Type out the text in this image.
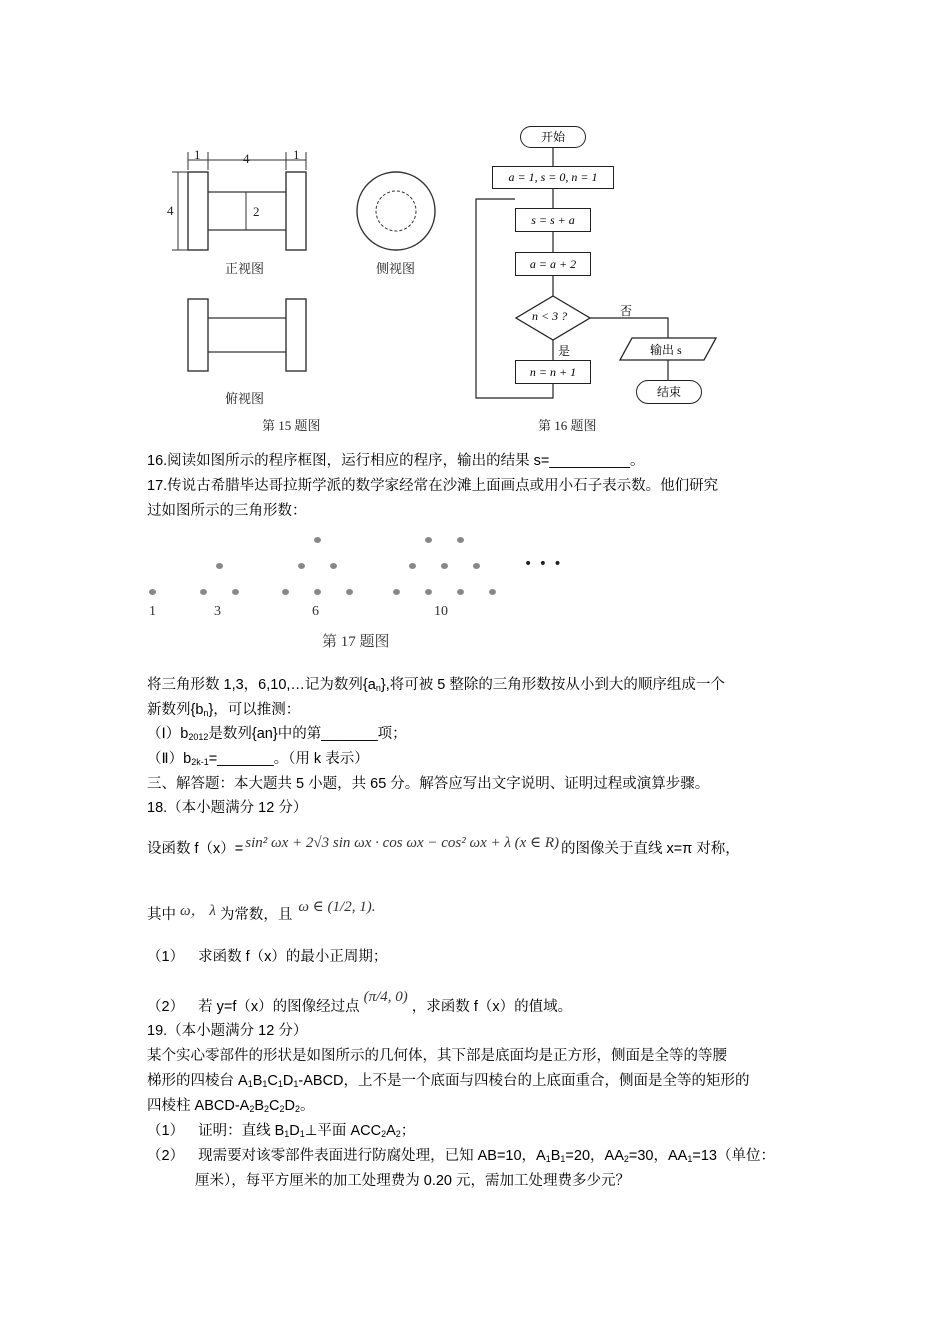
1	4	1
4	2
正视图	侧视图
俯视图
第 15 题图
开始
a = 1, s = 0, n = 1
s = s + a
a = a + 2
n < 3 ?	否
是
n = n + 1
输出 s
结束
第 16 题图
16.阅读如图所示的程序框图，运行相应的程序，输出的结果 s=__________。
17.传说古希腊毕达哥拉斯学派的数学家经常在沙滩上面画点或用小石子表示数。他们研究
过如图所示的三角形数：
• • •
1	3	6	10
第 17 题图
将三角形数 1,3，6,10,…记为数列$\{a_n\}$,将可被 5 整除的三角形数按从小到大的顺序组成一个
新数列$\{b_n\}$，可以推测：
$(Ⅰ)b_{2012}$是数列{an}中的第_______项；
$(Ⅱ)b_{2k-1}=\_\_\_\_\_\_\_$。（用 k 表示）
三、解答题：本大题共 5 小题，共 65 分。解答应写出文字说明、证明过程或演算步骤。
18.（本小题满分 12 分）
设函数 f（x）= sin² ωx + 2√3 sin ωx · cos ωx − cos² ωx + λ (x ∈ R) 的图像关于直线 x=π 对称，
其中 ω， λ 为常数，且 ω ∈ (1/2, 1).
（1） 求函数 f（x）的最小正周期；
（2） 若 y=f（x）的图像经过点(π/4, 0)，求函数 f（x）的值域。
19.（本小题满分 12 分）
某个实心零部件的形状是如图所示的几何体，其下部是底面均是正方形，侧面是全等的等腰
梯形的四棱台 $A_1B_1C_1D_1$-ABCD，上不是一个底面与四棱台的上底面重合，侧面是全等的矩形的
四棱柱 ABCD-$A_2B_2C_2D_2$。
（1） 证明：直线 $B_1D_1\perp$平面 $ACC_2A_2$；
（2） 现需要对该零部件表面进行防腐处理，已知 AB=10，$A_1B_1=20$，$AA_2=30$，$AA_1=13$（单位：
厘米），每平方厘米的加工处理费为 0.20 元，需加工处理费多少元？
